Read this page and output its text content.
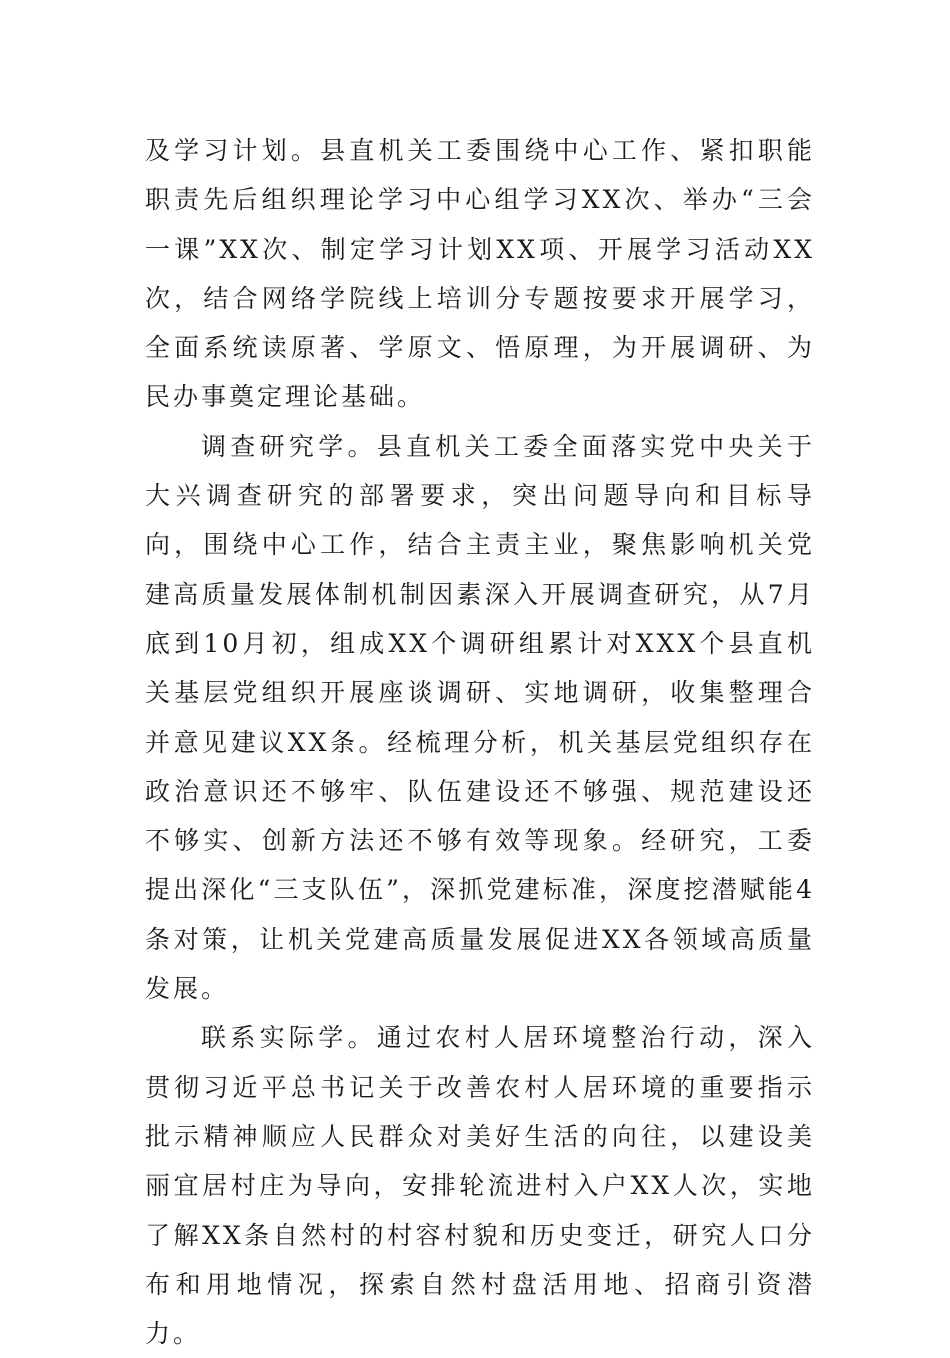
及学习计划。县直机关工委围绕中心工作、紧扣职能职责先后组织理论学习中心组学习XX次、举办“三会一课”XX次、制定学习计划XX项、开展学习活动XX次，结合网络学院线上培训分专题按要求开展学习，全面系统读原著、学原文、悟原理，为开展调研、为民办事奠定理论基础。

调查研究学。县直机关工委全面落实党中央关于大兴调查研究的部署要求，突出问题导向和目标导向，围绕中心工作，结合主责主业，聚焦影响机关党建高质量发展体制机制因素深入开展调查研究，从7月底到10月初，组成XX个调研组累计对XXX个县直机关基层党组织开展座谈调研、实地调研，收集整理合并意见建议XX条。经梳理分析，机关基层党组织存在政治意识还不够牢、队伍建设还不够强、规范建设还不够实、创新方法还不够有效等现象。经研究，工委提出深化“三支队伍”，深抓党建标准，深度挖潜赋能4条对策，让机关党建高质量发展促进XX各领域高质量发展。

联系实际学。通过农村人居环境整治行动，深入贯彻习近平总书记关于改善农村人居环境的重要指示批示精神顺应人民群众对美好生活的向往，以建设美丽宜居村庄为导向，安排轮流进村入户XX人次，实地了解XX条自然村的村容村貌和历史变迁，研究人口分布和用地情况，探索自然村盘活用地、招商引资潜力。
